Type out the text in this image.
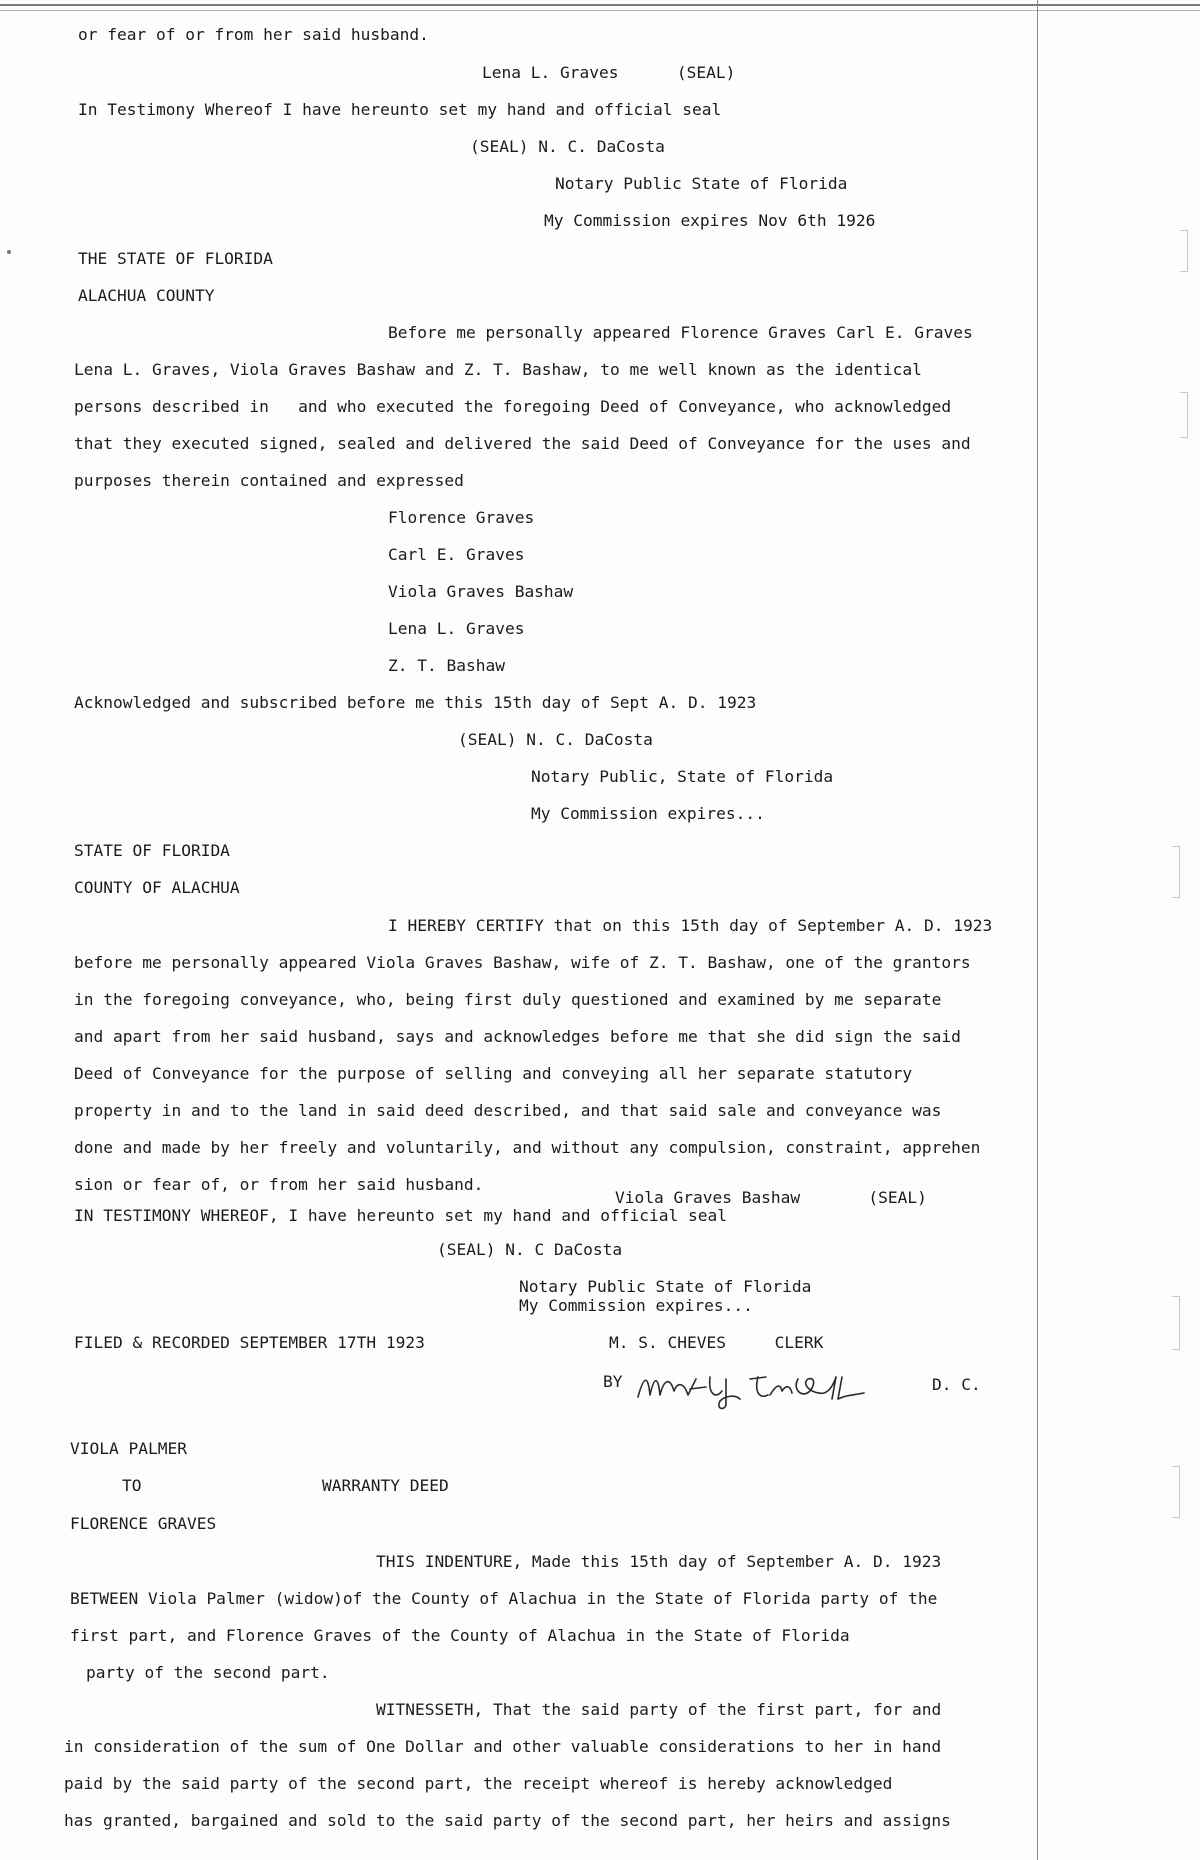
or fear of or from her said husband.
Lena L. Graves      (SEAL)
In Testimony Whereof I have hereunto set my hand and official seal
(SEAL) N. C. DaCosta
Notary Public State of Florida
My Commission expires Nov 6th 1926
THE STATE OF FLORIDA
ALACHUA COUNTY
Before me personally appeared Florence Graves Carl E. Graves
Lena L. Graves, Viola Graves Bashaw and Z. T. Bashaw, to me well known as the identical
persons described in   and who executed the foregoing Deed of Conveyance, who acknowledged
that they executed signed, sealed and delivered the said Deed of Conveyance for the uses and
purposes therein contained and expressed
Florence Graves
Carl E. Graves
Viola Graves Bashaw
Lena L. Graves
Z. T. Bashaw
Acknowledged and subscribed before me this 15th day of Sept A. D. 1923
(SEAL) N. C. DaCosta
Notary Public, State of Florida
My Commission expires...
STATE OF FLORIDA
COUNTY OF ALACHUA
I HEREBY CERTIFY that on this 15th day of September A. D. 1923
before me personally appeared Viola Graves Bashaw, wife of Z. T. Bashaw, one of the grantors
in the foregoing conveyance, who, being first duly questioned and examined by me separate
and apart from her said husband, says and acknowledges before me that she did sign the said
Deed of Conveyance for the purpose of selling and conveying all her separate statutory
property in and to the land in said deed described, and that said sale and conveyance was
done and made by her freely and voluntarily, and without any compulsion, constraint, apprehen
sion or fear of, or from her said husband.
Viola Graves Bashaw       (SEAL)
IN TESTIMONY WHEREOF, I have hereunto set my hand and official seal
(SEAL) N. C DaCosta
Notary Public State of Florida
My Commission expires...
FILED & RECORDED SEPTEMBER 17TH 1923	M. S. CHEVES     CLERK
BY	D. C.
VIOLA PALMER
TO	WARRANTY DEED
FLORENCE GRAVES
THIS INDENTURE, Made this 15th day of September A. D. 1923
BETWEEN Viola Palmer (widow)of the County of Alachua in the State of Florida party of the
first part, and Florence Graves of the County of Alachua in the State of Florida
party of the second part.
WITNESSETH, That the said party of the first part, for and
in consideration of the sum of One Dollar and other valuable considerations to her in hand
paid by the said party of the second part, the receipt whereof is hereby acknowledged
has granted, bargained and sold to the said party of the second part, her heirs and assigns
